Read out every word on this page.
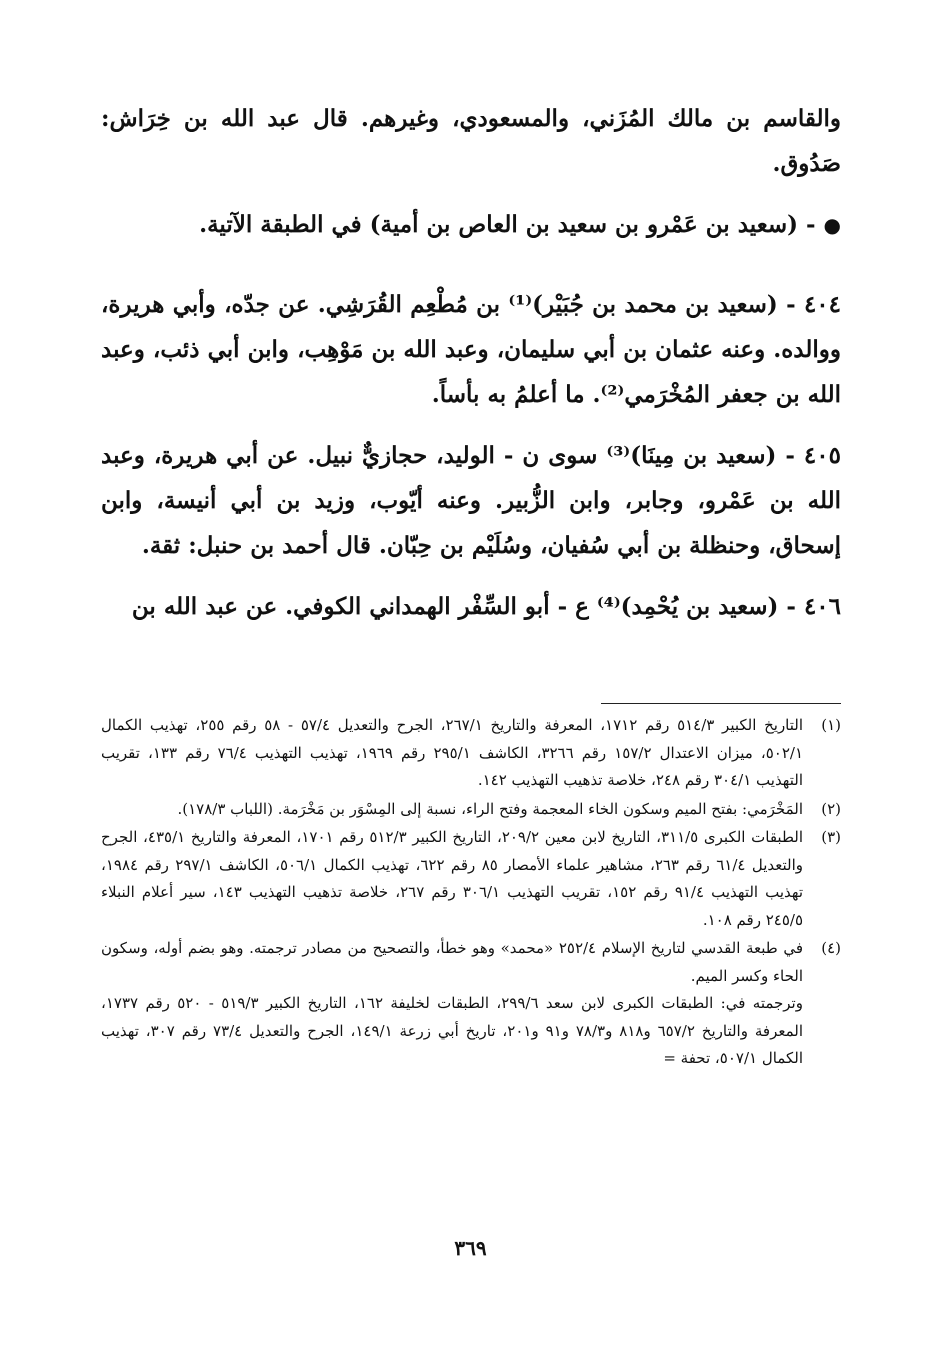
والقاسم بن مالك المُزَني، والمسعودي، وغيرهم. قال عبد الله بن خِرَاش: صَدُوق.

● - (سعيد بن عَمْرو بن سعيد بن العاص بن أمية) في الطبقة الآتية.

٤٠٤ - (سعيد بن محمد بن جُبَيْر)⁽¹⁾ بن مُطْعِم القُرَشِي. عن جدّه، وأبي هريرة، ووالده. وعنه عثمان بن أبي سليمان، وعبد الله بن مَوْهِب، وابن أبي ذئب، وعبد الله بن جعفر المُخْرَمي⁽²⁾. ما أعلمُ به بأساً.

٤٠٥ - (سعيد بن مِينَا)⁽³⁾ سوى ن - الوليد، حجازيٌّ نبيل. عن أبي هريرة، وعبد الله بن عَمْرو، وجابر، وابن الزُّبير. وعنه أيّوب، وزيد بن أبي أنيسة، وابن إسحاق، وحنظلة بن أبي سُفيان، وسُلَيْم بن حِبّان. قال أحمد بن حنبل: ثقة.

٤٠٦ - (سعيد بن يُحْمِد)⁽⁴⁾ ع - أبو السِّفْر الهمداني الكوفي. عن عبد الله بن

(١)
التاريخ الكبير ٥١٤/٣ رقم ١٧١٢، المعرفة والتاريخ ٢٦٧/١، الجرح والتعديل ٥٧/٤ - ٥٨ رقم ٢٥٥، تهذيب الكمال ٥٠٢/١، ميزان الاعتدال ١٥٧/٢ رقم ٣٢٦٦، الكاشف ٢٩٥/١ رقم ١٩٦٩، تهذيب التهذيب ٧٦/٤ رقم ١٣٣، تقريب التهذيب ٣٠٤/١ رقم ٢٤٨، خلاصة تذهيب التهذيب ١٤٢.
(٢)
المَخْرَمي: بفتح الميم وسكون الخاء المعجمة وفتح الراء، نسبة إلى المِسْوَر بن مَخْرَمة. (اللباب ١٧٨/٣).
(٣)
الطبقات الكبرى ٣١١/٥، التاريخ لابن معين ٢٠٩/٢، التاريخ الكبير ٥١٢/٣ رقم ١٧٠١، المعرفة والتاريخ ٤٣٥/١، الجرح والتعديل ٦١/٤ رقم ٢٦٣، مشاهير علماء الأمصار ٨٥ رقم ٦٢٢، تهذيب الكمال ٥٠٦/١، الكاشف ٢٩٧/١ رقم ١٩٨٤، تهذيب التهذيب ٩١/٤ رقم ١٥٢، تقريب التهذيب ٣٠٦/١ رقم ٢٦٧، خلاصة تذهيب التهذيب ١٤٣، سير أعلام النبلاء ٢٤٥/٥ رقم ١٠٨.
(٤)
في طبعة القدسي لتاريخ الإسلام ٢٥٢/٤ «محمد» وهو خطأ، والتصحيح من مصادر ترجمته. وهو بضم أوله، وسكون الحاء وكسر الميم.
وترجمته في: الطبقات الكبرى لابن سعد ٢٩٩/٦، الطبقات لخليفة ١٦٢، التاريخ الكبير ٥١٩/٣ - ٥٢٠ رقم ١٧٣٧، المعرفة والتاريخ ٦٥٧/٢ و٨١٨ و٧٨/٣ و٩١ و٢٠١، تاريخ أبي زرعة ١٤٩/١، الجرح والتعديل ٧٣/٤ رقم ٣٠٧، تهذيب الكمال ٥٠٧/١، تحفة =
٣٦٩
